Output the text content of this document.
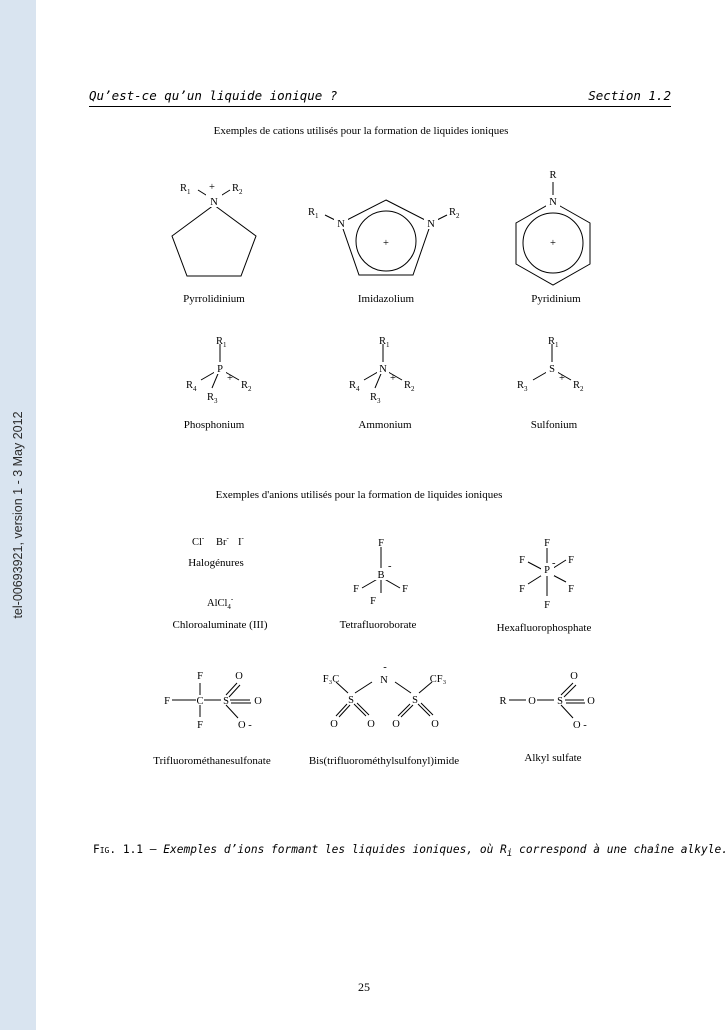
tel-00693921, version 1 - 3 May 2012
Qu’est-ce qu’un liquide ionique ?	Section 1.2
Exemples de cations utilisés pour la formation de liquides ioniques
Exemples d'anions utilisés pour la formation de liquides ioniques
N
+
$R_1$	$R_2$
N	N
+
$R_1$	$R_2$
N
R
+
Pyrrolidinium	Imidazolium	Pyridinium
P
+
$R_1$
$R_4$	$R_2$
$R_3$
N
+
$R_1$
$R_4$	$R_2$
$R_3$
S
+
$R_1$
$R_3$	$R_2$
Phosphonium	Ammonium	Sulfonium
Cl- Br- I-
Halogénures
AlCl$_4$-
Chloroaluminate (III)
F
B
-
F	F
F
Tetrafluoroborate
F
P
-
F	F
F	F
F
Hexafluorophosphate
F
F
F
C S
O
O
O -
Trifluorométhanesulfonate
F₃C	N
-
CF₃
S	S
O	O O	O
Bis(trifluorométhylsulfonyl)imide
R O S
O
O
O -
Alkyl sulfate
Fig. 1.1 – Exemples d’ions formant les liquides ioniques, où $R_i$ correspond à une chaîne alkyle.
25
